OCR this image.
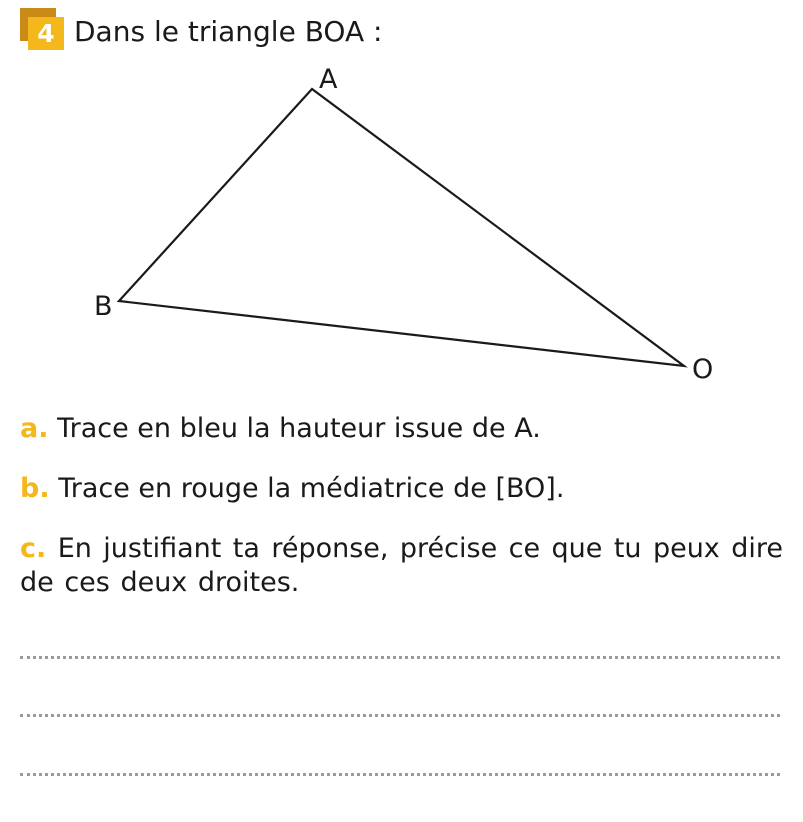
4 Dans le triangle BOA :
A
B
O
a. Trace en bleu la hauteur issue de A.
b. Trace en rouge la médiatrice de [BO].
c. En justifiant ta réponse, précise ce que tu peux dire de ces deux droites.
